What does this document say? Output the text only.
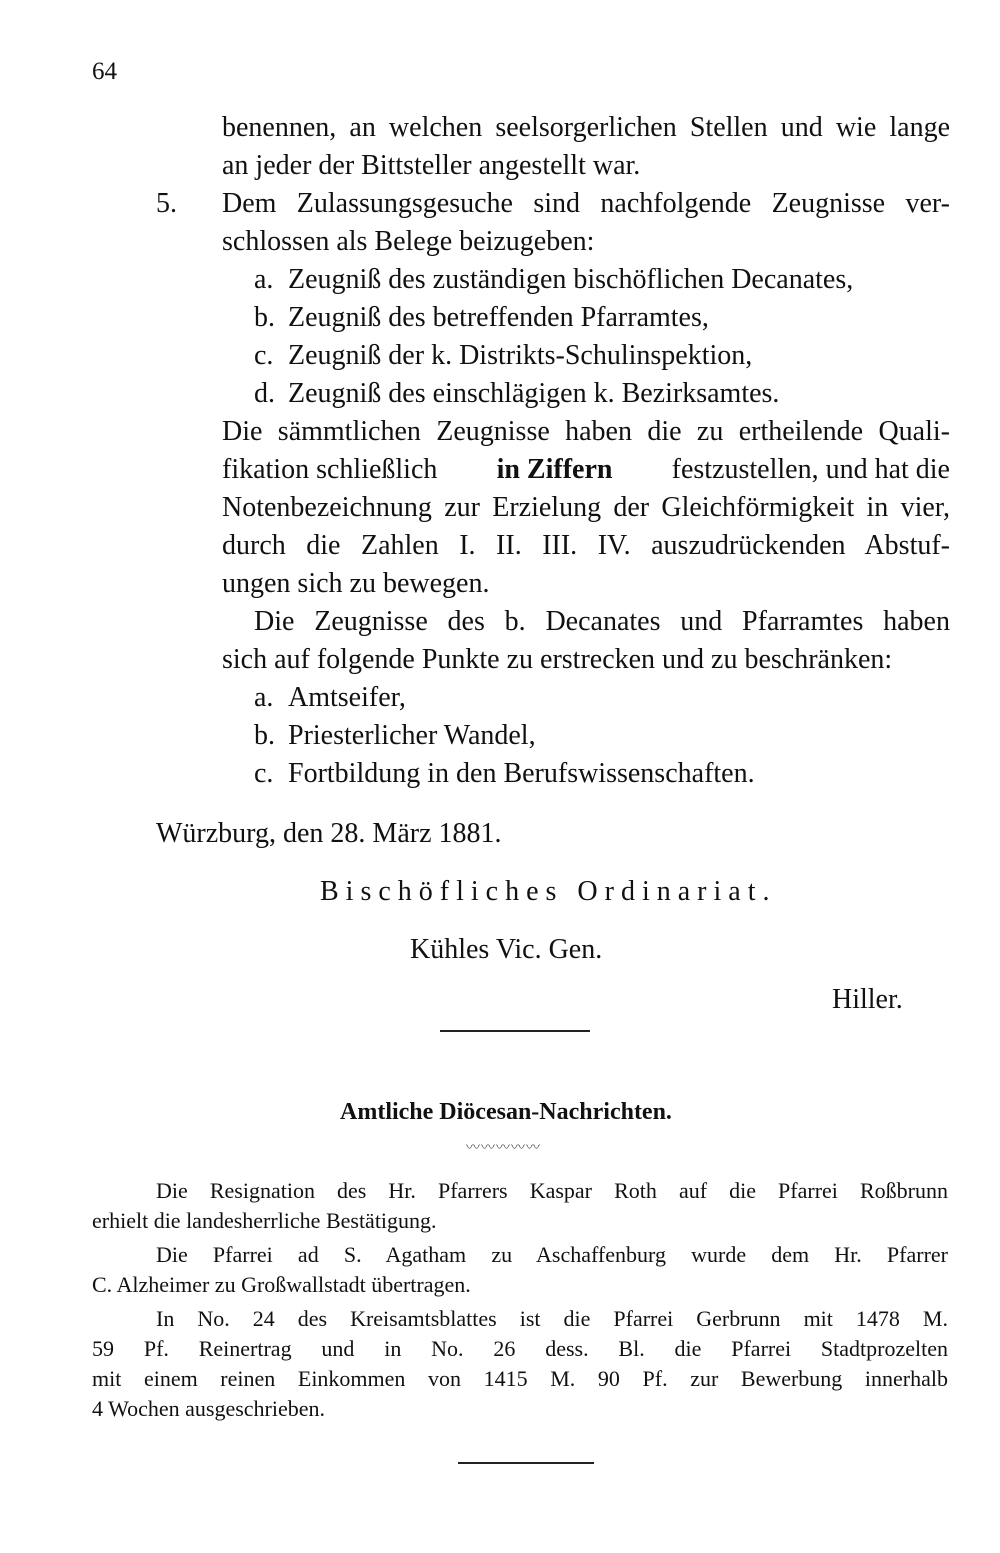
64
benennen, an welchen seelsorgerlichen Stellen und wie lange
an jeder der Bittsteller angestellt war.
5. Dem Zulassungsgesuche sind nachfolgende Zeugnisse ver-
schlossen als Belege beizugeben:
a. Zeugniß des zuständigen bischöflichen Decanates,
b. Zeugniß des betreffenden Pfarramtes,
c. Zeugniß der k. Distrikts-Schulinspektion,
d. Zeugniß des einschlägigen k. Bezirksamtes.
Die sämmtlichen Zeugnisse haben die zu ertheilende Quali-
fikation schließlich in Ziffern festzustellen, und hat die
Notenbezeichnung zur Erzielung der Gleichförmigkeit in vier,
durch die Zahlen I. II. III. IV. auszudrückenden Abstuf-
ungen sich zu bewegen.
Die Zeugnisse des b. Decanates und Pfarramtes haben
sich auf folgende Punkte zu erstrecken und zu beschränken:
a. Amtseifer,
b. Priesterlicher Wandel,
c. Fortbildung in den Berufswissenschaften.
Würzburg, den 28. März 1881.
Bischöfliches Ordinariat.
Kühles Vic. Gen.
Hiller.
Amtliche Diöcesan-Nachrichten.
〰〰〰〰〰
Die Resignation des Hr. Pfarrers Kaspar Roth auf die Pfarrei Roßbrunn
erhielt die landesherrliche Bestätigung.
Die Pfarrei ad S. Agatham zu Aschaffenburg wurde dem Hr. Pfarrer
C. Alzheimer zu Großwallstadt übertragen.
In No. 24 des Kreisamtsblattes ist die Pfarrei Gerbrunn mit 1478 M.
59 Pf. Reinertrag und in No. 26 dess. Bl. die Pfarrei Stadtprozelten
mit einem reinen Einkommen von 1415 M. 90 Pf. zur Bewerbung innerhalb
4 Wochen ausgeschrieben.
